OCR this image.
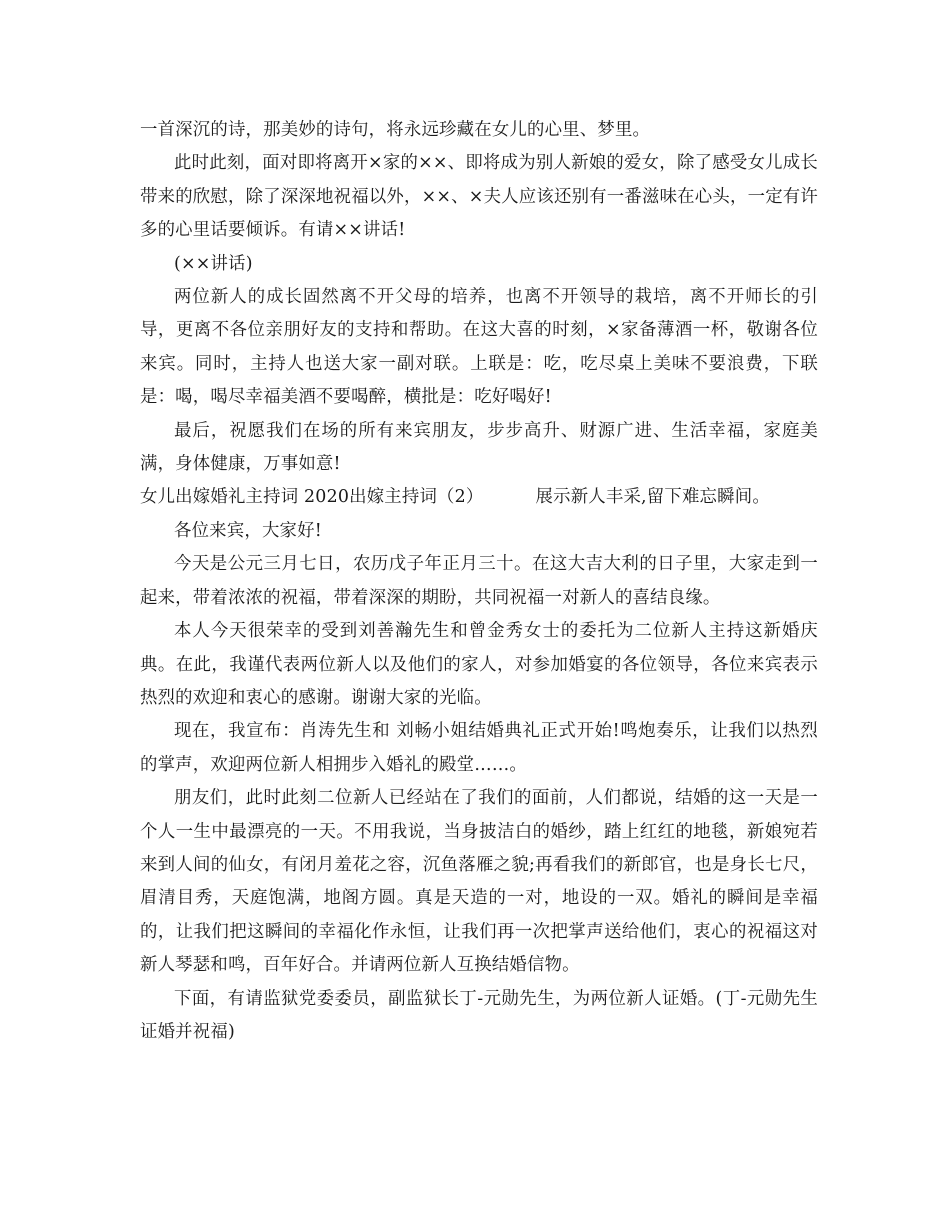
一首深沉的诗，那美妙的诗句，将永远珍藏在女儿的心里、梦里。

此时此刻，面对即将离开×家的××、即将成为别人新娘的爱女，除了感受女儿成长带来的欣慰，除了深深地祝福以外，××、×夫人应该还别有一番滋味在心头，一定有许多的心里话要倾诉。有请××讲话!

(××讲话)

两位新人的成长固然离不开父母的培养，也离不开领导的栽培，离不开师长的引导，更离不各位亲朋好友的支持和帮助。在这大喜的时刻，×家备薄酒一杯，敬谢各位来宾。同时，主持人也送大家一副对联。上联是：吃，吃尽桌上美味不要浪费，下联是：喝，喝尽幸福美酒不要喝醉，横批是：吃好喝好!

最后，祝愿我们在场的所有来宾朋友，步步高升、财源广进、生活幸福，家庭美满，身体健康，万事如意!

女儿出嫁婚礼主持词 2020出嫁主持词（2）	展示新人丰采,留下难忘瞬间。

各位来宾，大家好!

今天是公元三月七日，农历戊子年正月三十。在这大吉大利的日子里，大家走到一起来，带着浓浓的祝福，带着深深的期盼，共同祝福一对新人的喜结良缘。

本人今天很荣幸的受到刘善瀚先生和曾金秀女士的委托为二位新人主持这新婚庆典。在此，我谨代表两位新人以及他们的家人，对参加婚宴的各位领导，各位来宾表示热烈的欢迎和衷心的感谢。谢谢大家的光临。

现在，我宣布：肖涛先生和 刘畅小姐结婚典礼正式开始!鸣炮奏乐，让我们以热烈的掌声，欢迎两位新人相拥步入婚礼的殿堂……。

朋友们，此时此刻二位新人已经站在了我们的面前，人们都说，结婚的这一天是一个人一生中最漂亮的一天。不用我说，当身披洁白的婚纱，踏上红红的地毯，新娘宛若来到人间的仙女，有闭月羞花之容，沉鱼落雁之貌;再看我们的新郎官，也是身长七尺，眉清目秀，天庭饱满，地阁方圆。真是天造的一对，地设的一双。婚礼的瞬间是幸福的，让我们把这瞬间的幸福化作永恒，让我们再一次把掌声送给他们，衷心的祝福这对新人琴瑟和鸣，百年好合。并请两位新人互换结婚信物。

下面，有请监狱党委委员，副监狱长丁-元勋先生，为两位新人证婚。(丁-元勋先生证婚并祝福)
